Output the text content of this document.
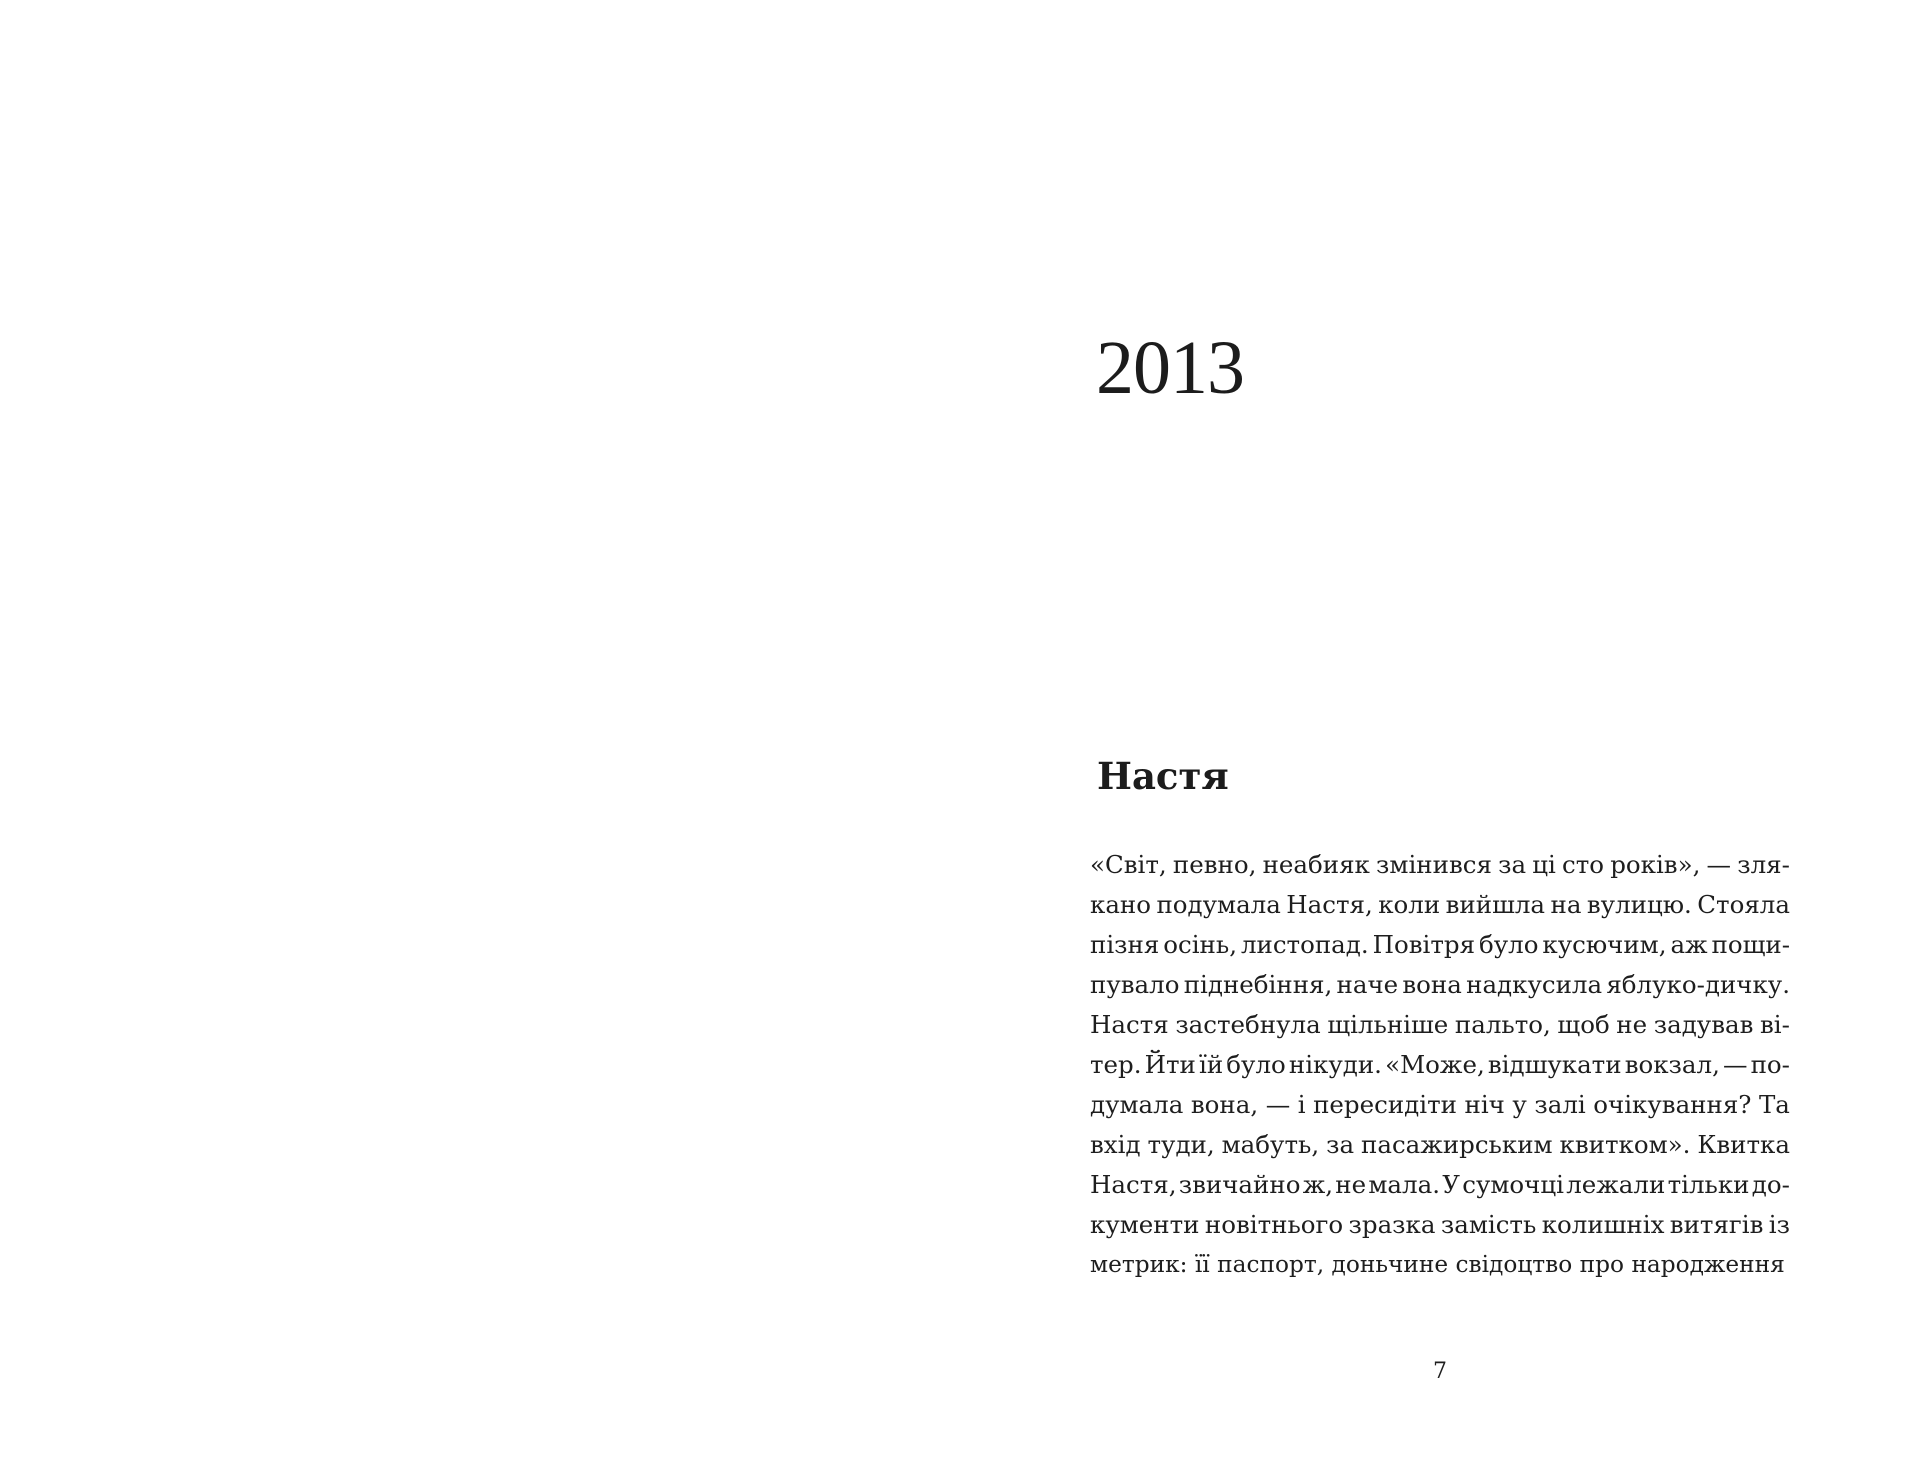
2013
Настя
«Світ, певно, неабияк змінився за ці сто років», — зля-
кано подумала Настя, коли вийшла на вулицю. Стояла
пізня осінь, листопад. Повітря було кусючим, аж пощи-
пувало піднебіння, наче вона надкусила яблуко-дичку.
Настя застебнула щільніше пальто, щоб не задував ві-
тер. Йти їй було нікуди. «Може, відшукати вокзал, — по-
думала вона, — і пересидіти ніч у залі очікування? Та
вхід туди, мабуть, за пасажирським квитком». Квитка
Настя, звичайно ж, не мала. У сумочці лежали тільки до-
кументи новітнього зразка замість колишніх витягів із
метрик:
її
паспорт,
доньчине
свідоцтво
про
народження
7
